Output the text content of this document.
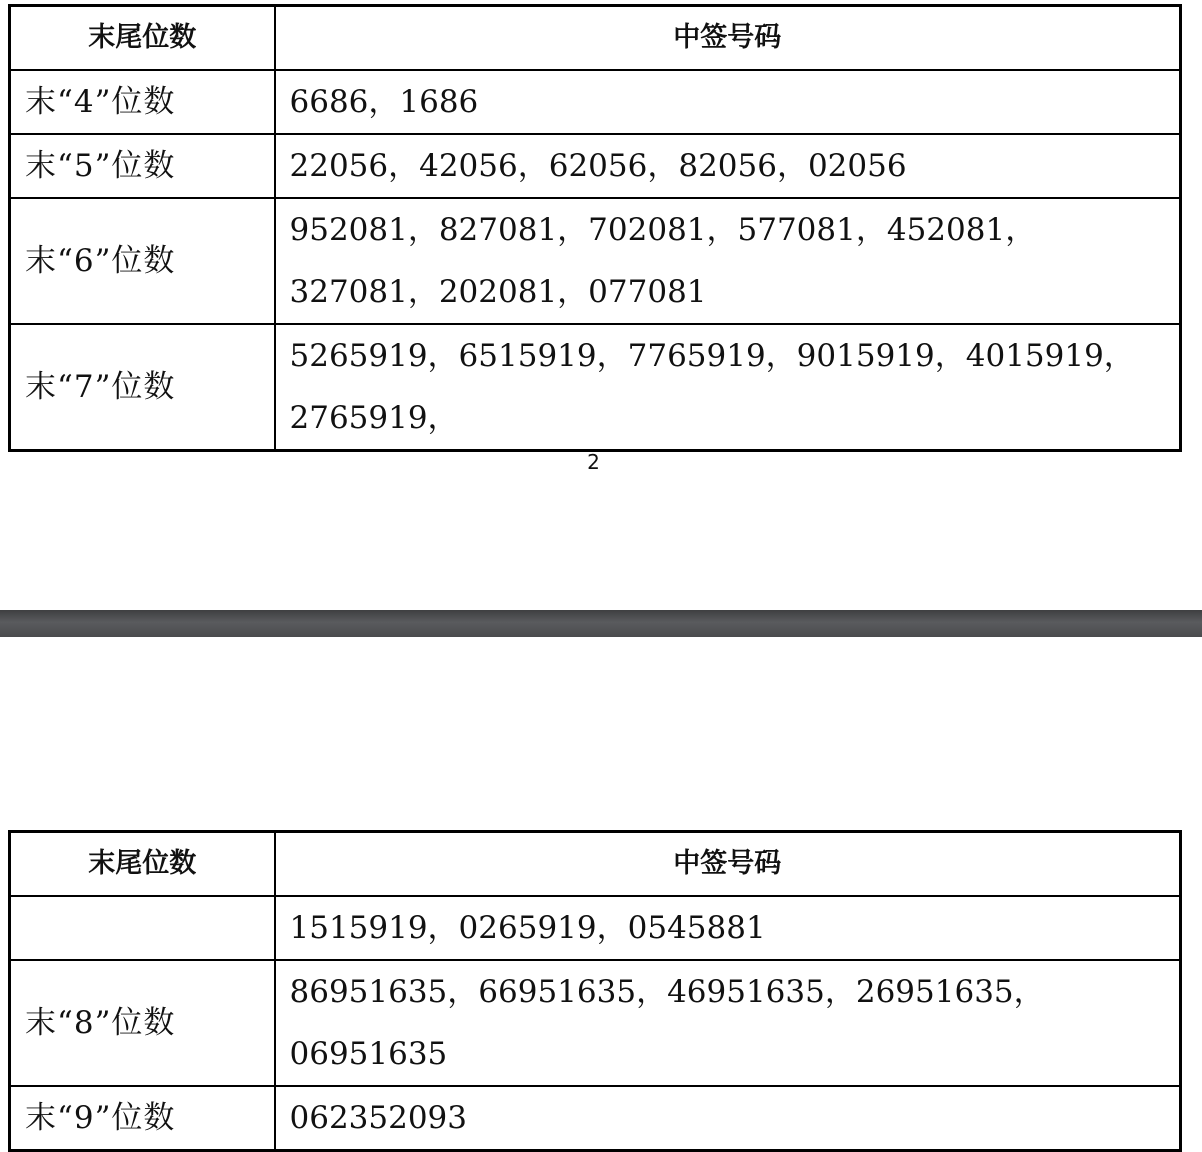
末尾位数	中签号码
末“4”位数	6686，1686
末“5”位数	22056，42056，62056，82056，02056
末“6”位数	952081，827081，702081，577081，452081，327081，202081，077081
末“7”位数	5265919，6515919，7765919，9015919，4015919，2765919，
2
末尾位数	中签号码
	1515919，0265919，0545881
末“8”位数	86951635，66951635，46951635，26951635，06951635
末“9”位数	062352093
